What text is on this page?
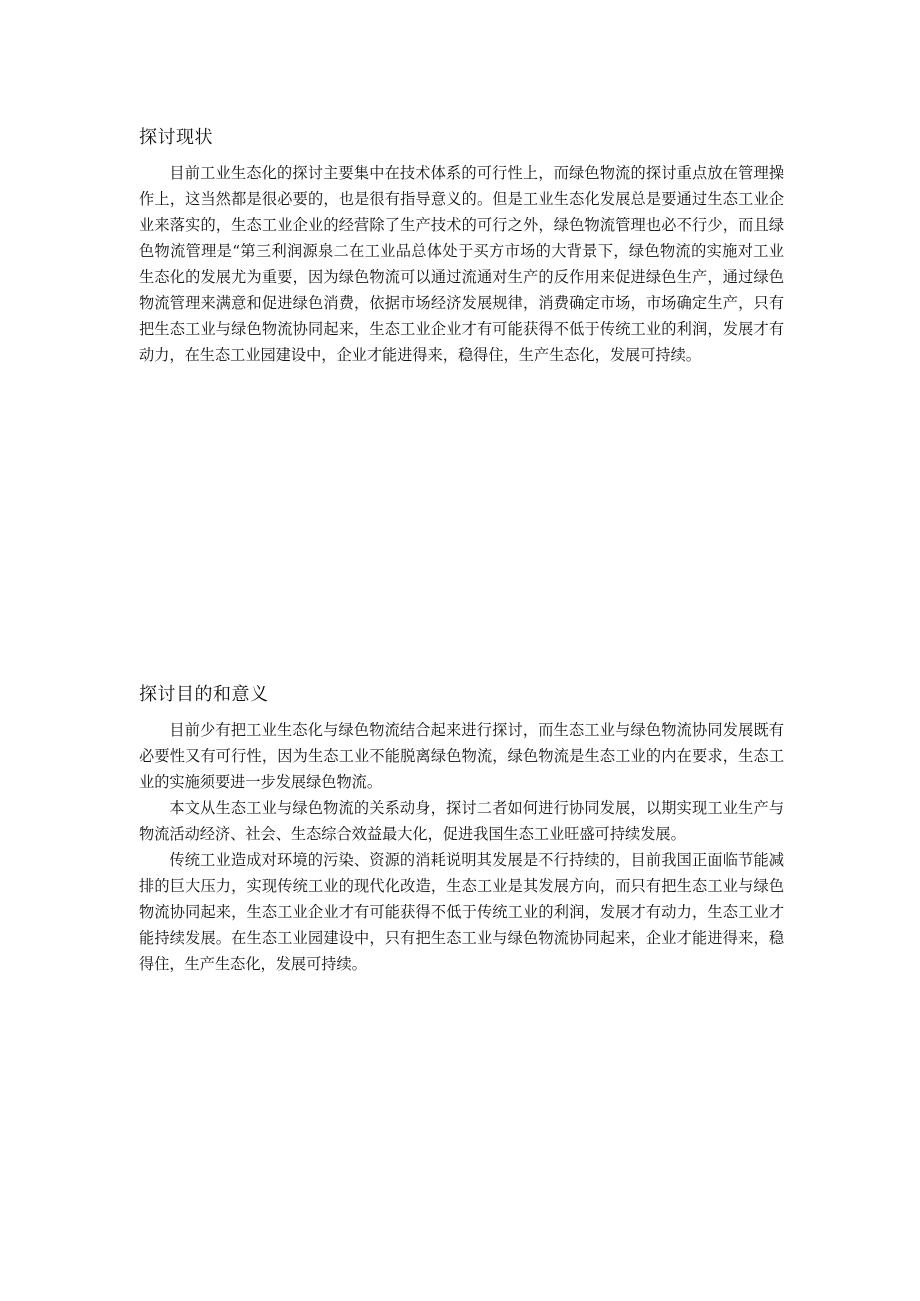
探讨现状

目前工业生态化的探讨主要集中在技术体系的可行性上，而绿色物流的探讨重点放在管理操作上，这当然都是很必要的，也是很有指导意义的。但是工业生态化发展总是要通过生态工业企业来落实的，生态工业企业的经营除了生产技术的可行之外，绿色物流管理也必不行少，而且绿色物流管理是“第三利润源泉二在工业品总体处于买方市场的大背景下，绿色物流的实施对工业生态化的发展尤为重要，因为绿色物流可以通过流通对生产的反作用来促进绿色生产，通过绿色物流管理来满意和促进绿色消费，依据市场经济发展规律，消费确定市场，市场确定生产，只有把生态工业与绿色物流协同起来，生态工业企业才有可能获得不低于传统工业的利润，发展才有动力，在生态工业园建设中，企业才能进得来，稳得住，生产生态化，发展可持续。

探讨目的和意义

目前少有把工业生态化与绿色物流结合起来进行探讨，而生态工业与绿色物流协同发展既有必要性又有可行性，因为生态工业不能脱离绿色物流，绿色物流是生态工业的内在要求，生态工业的实施须要进一步发展绿色物流。

本文从生态工业与绿色物流的关系动身，探讨二者如何进行协同发展，以期实现工业生产与物流活动经济、社会、生态综合效益最大化，促进我国生态工业旺盛可持续发展。

传统工业造成对环境的污染、资源的消耗说明其发展是不行持续的，目前我国正面临节能减排的巨大压力，实现传统工业的现代化改造，生态工业是其发展方向，而只有把生态工业与绿色物流协同起来，生态工业企业才有可能获得不低于传统工业的利润，发展才有动力，生态工业才能持续发展。在生态工业园建设中，只有把生态工业与绿色物流协同起来，企业才能进得来，稳得住，生产生态化，发展可持续。
